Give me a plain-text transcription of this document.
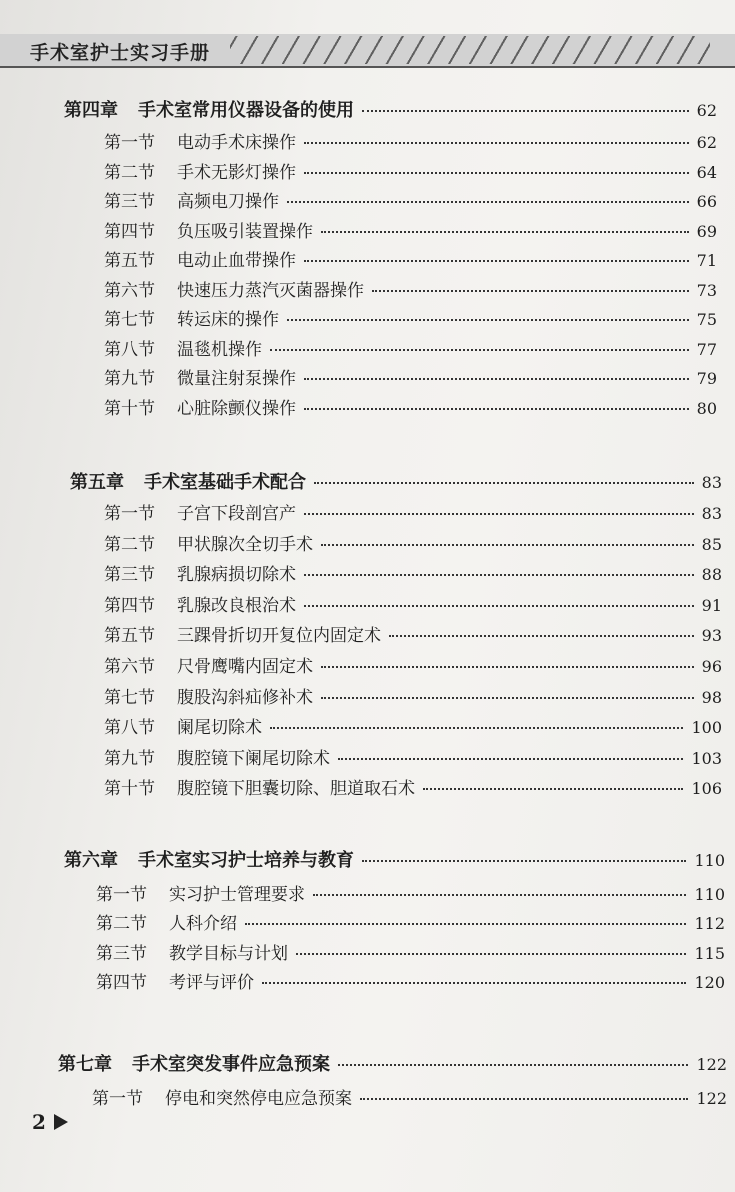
手术室护士实习手册
第四章 手术室常用仪器设备的使用	62
第一节 电动手术床操作	62
第二节 手术无影灯操作	64
第三节 高频电刀操作	66
第四节 负压吸引装置操作	69
第五节 电动止血带操作	71
第六节 快速压力蒸汽灭菌器操作	73
第七节 转运床的操作	75
第八节 温毯机操作	77
第九节 微量注射泵操作	79
第十节 心脏除颤仪操作	80
第五章 手术室基础手术配合	83
第一节 子宫下段剖宫产	83
第二节 甲状腺次全切手术	85
第三节 乳腺病损切除术	88
第四节 乳腺改良根治术	91
第五节 三踝骨折切开复位内固定术	93
第六节 尺骨鹰嘴内固定术	96
第七节 腹股沟斜疝修补术	98
第八节 阑尾切除术	100
第九节 腹腔镜下阑尾切除术	103
第十节 腹腔镜下胆囊切除、胆道取石术	106
第六章 手术室实习护士培养与教育	110
第一节 实习护士管理要求	110
第二节 人科介绍	112
第三节 教学目标与计划	115
第四节 考评与评价	120
第七章 手术室突发事件应急预案	122
第一节 停电和突然停电应急预案	122
2
